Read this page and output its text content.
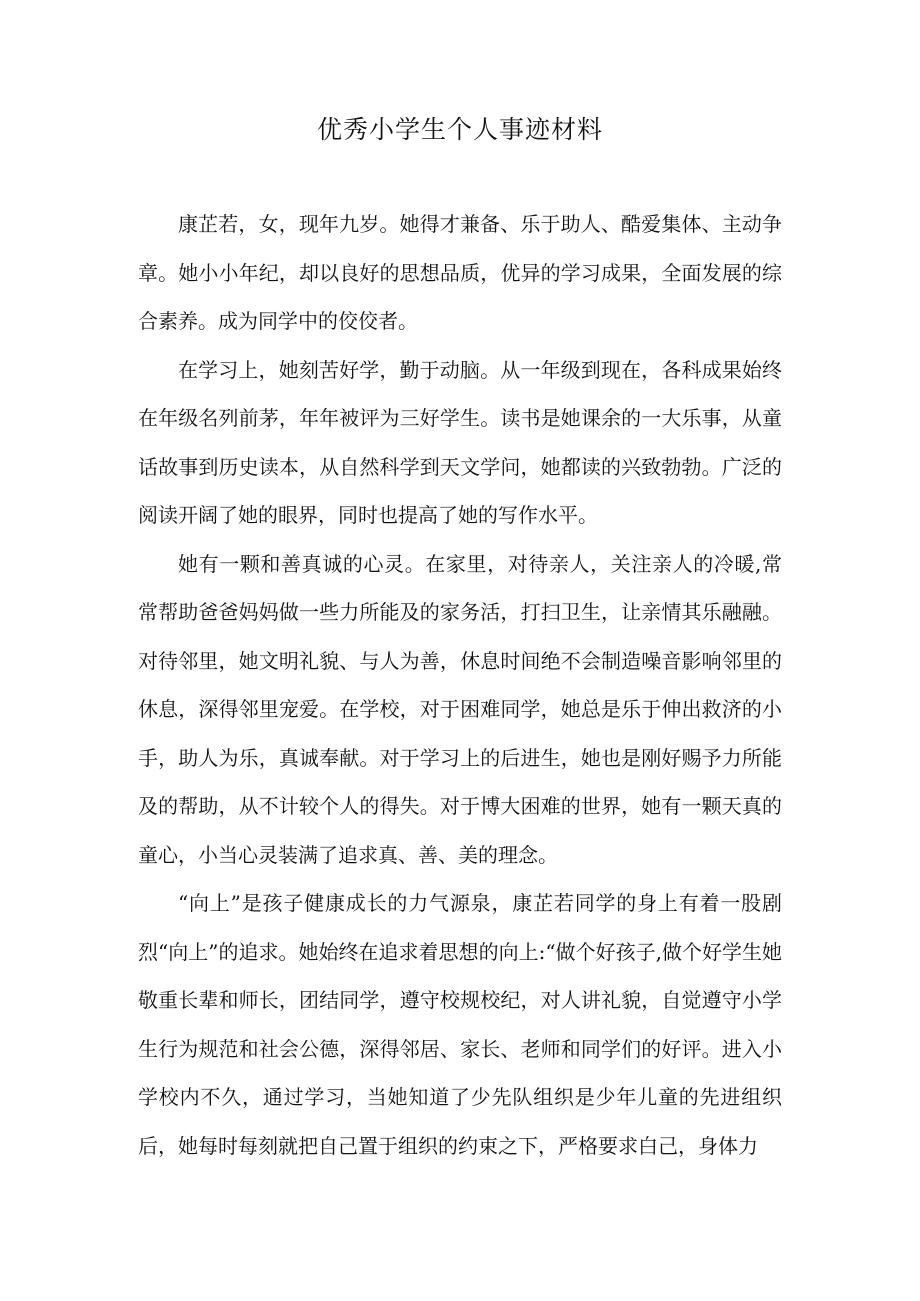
优秀小学生个人事迹材料

康芷若，女，现年九岁。她得才兼备、乐于助人、酷爱集体、主动争章。她小小年纪，却以良好的思想品质，优异的学习成果，全面发展的综合素养。成为同学中的佼佼者。

在学习上，她刻苦好学，勤于动脑。从一年级到现在，各科成果始终在年级名列前茅，年年被评为三好学生。读书是她课余的一大乐事，从童话故事到历史读本，从自然科学到天文学问，她都读的兴致勃勃。广泛的阅读开阔了她的眼界，同时也提高了她的写作水平。

她有一颗和善真诚的心灵。在家里，对待亲人，关注亲人的冷暖,常常帮助爸爸妈妈做一些力所能及的家务活，打扫卫生，让亲情其乐融融。对待邻里，她文明礼貌、与人为善，休息时间绝不会制造噪音影响邻里的休息，深得邻里宠爱。在学校，对于困难同学，她总是乐于伸出救济的小手，助人为乐，真诚奉献。对于学习上的后进生，她也是刚好赐予力所能及的帮助，从不计较个人的得失。对于博大困难的世界，她有一颗天真的童心，小当心灵装满了追求真、善、美的理念。

“向上”是孩子健康成长的力气源泉，康芷若同学的身上有着一股剧烈“向上”的追求。她始终在追求着思想的向上:“做个好孩子,做个好学生她敬重长辈和师长，团结同学，遵守校规校纪，对人讲礼貌，自觉遵守小学生行为规范和社会公德，深得邻居、家长、老师和同学们的好评。进入小学校内不久，通过学习，当她知道了少先队组织是少年儿童的先进组织后，她每时每刻就把自己置于组织的约束之下，严格要求白己，身体力
